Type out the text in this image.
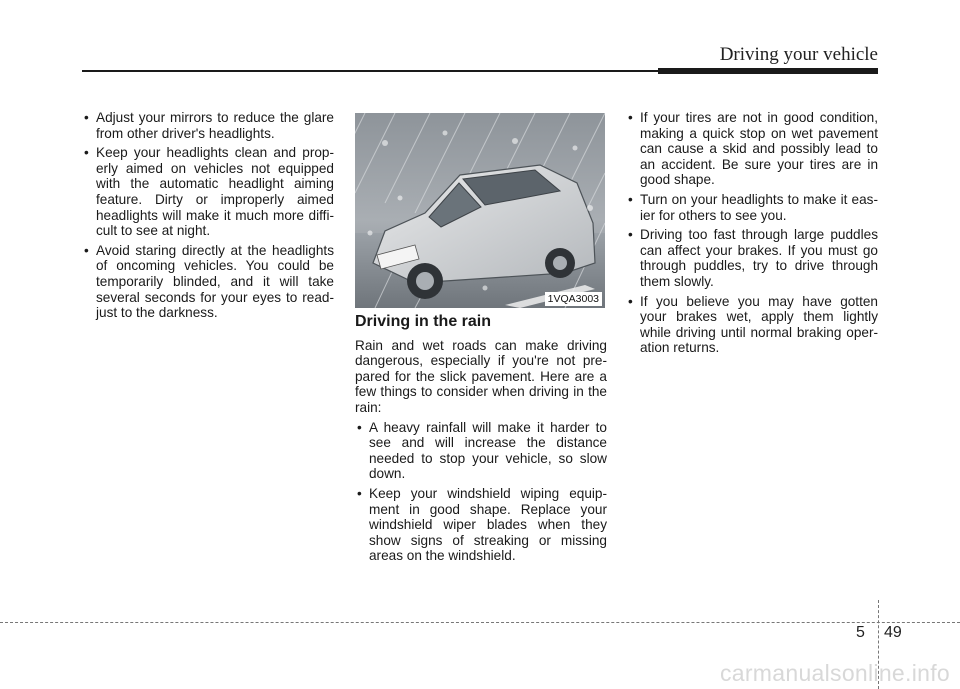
Driving your vehicle
• Adjust your mirrors to reduce the glare from other driver's headlights.
• Keep your headlights clean and prop-erly aimed on vehicles not equipped with the automatic headlight aiming feature. Dirty or improperly aimed headlights will make it much more diffi-cult to see at night.
• Avoid staring directly at the headlights of oncoming vehicles. You could be temporarily blinded, and it will take several seconds for your eyes to read-just to the darkness.
1VQA3003
Driving in the rain

Rain and wet roads can make driving dangerous, especially if you're not pre-pared for the slick pavement. Here are a few things to consider when driving in the rain:

• A heavy rainfall will make it harder to see and will increase the distance needed to stop your vehicle, so slow down.
• Keep your windshield wiping equip-ment in good shape. Replace your windshield wiper blades when they show signs of streaking or missing areas on the windshield.
• If your tires are not in good condition, making a quick stop on wet pavement can cause a skid and possibly lead to an accident. Be sure your tires are in good shape.
• Turn on your headlights to make it eas-ier for others to see you.
• Driving too fast through large puddles can affect your brakes. If you must go through puddles, try to drive through them slowly.
• If you believe you may have gotten your brakes wet, apply them lightly while driving until normal braking oper-ation returns.
5 49
carmanualsonline.info
